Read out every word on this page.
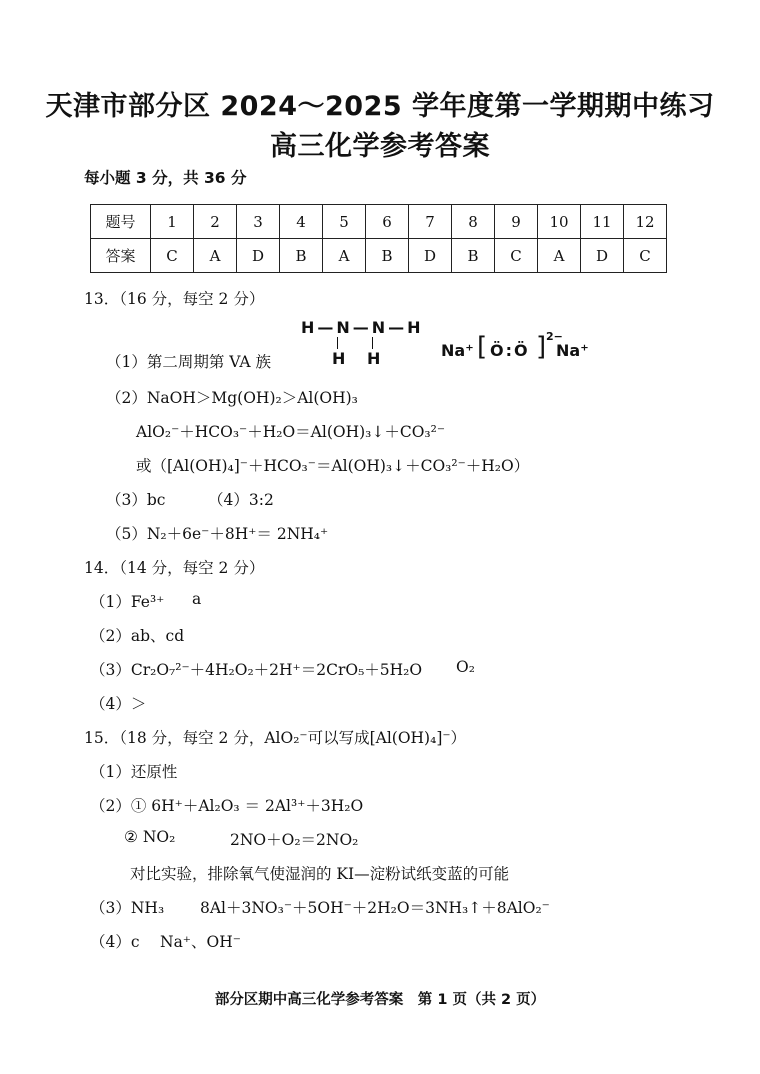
天津市部分区 2024～2025 学年度第一学期期中练习
高三化学参考答案
每小题 3 分，共 36 分
题号	1	2	3	4	5	6	7	8	9	10	11	12
答案	C	A	D	B	A	B	D	B	C	A	D	C
13．（16 分，每空 2 分）
H—N—N—H
H H	Na⁺ [ Ö:Ö ] 2−
Na⁺
（1）第二周期第 VA 族
（2）NaOH＞Mg(OH)₂＞Al(OH)₃
AlO₂⁻＋HCO₃⁻＋H₂O＝Al(OH)₃↓＋CO₃²⁻
或（[Al(OH)₄]⁻＋HCO₃⁻＝Al(OH)₃↓＋CO₃²⁻＋H₂O）
（3）bc	（4）3:2
（5）N₂＋6e⁻＋8H⁺＝ 2NH₄⁺
14．（14 分，每空 2 分）
（1）Fe³⁺ a
（2）ab、cd
（3）Cr₂O₇²⁻＋4H₂O₂＋2H⁺＝2CrO₅＋5H₂O O₂
（4）＞
15．（18 分，每空 2 分，AlO₂⁻可以写成[Al(OH)₄]⁻）
（1）还原性
（2）① 6H⁺＋Al₂O₃ ＝ 2Al³⁺＋3H₂O
② NO₂	2NO＋O₂＝2NO₂
对比实验，排除氧气使湿润的 KI—淀粉试纸变蓝的可能
（3）NH₃ 8Al＋3NO₃⁻＋5OH⁻＋2H₂O＝3NH₃↑＋8AlO₂⁻
（4）c Na⁺、OH⁻
部分区期中高三化学参考答案　第 1 页（共 2 页）
